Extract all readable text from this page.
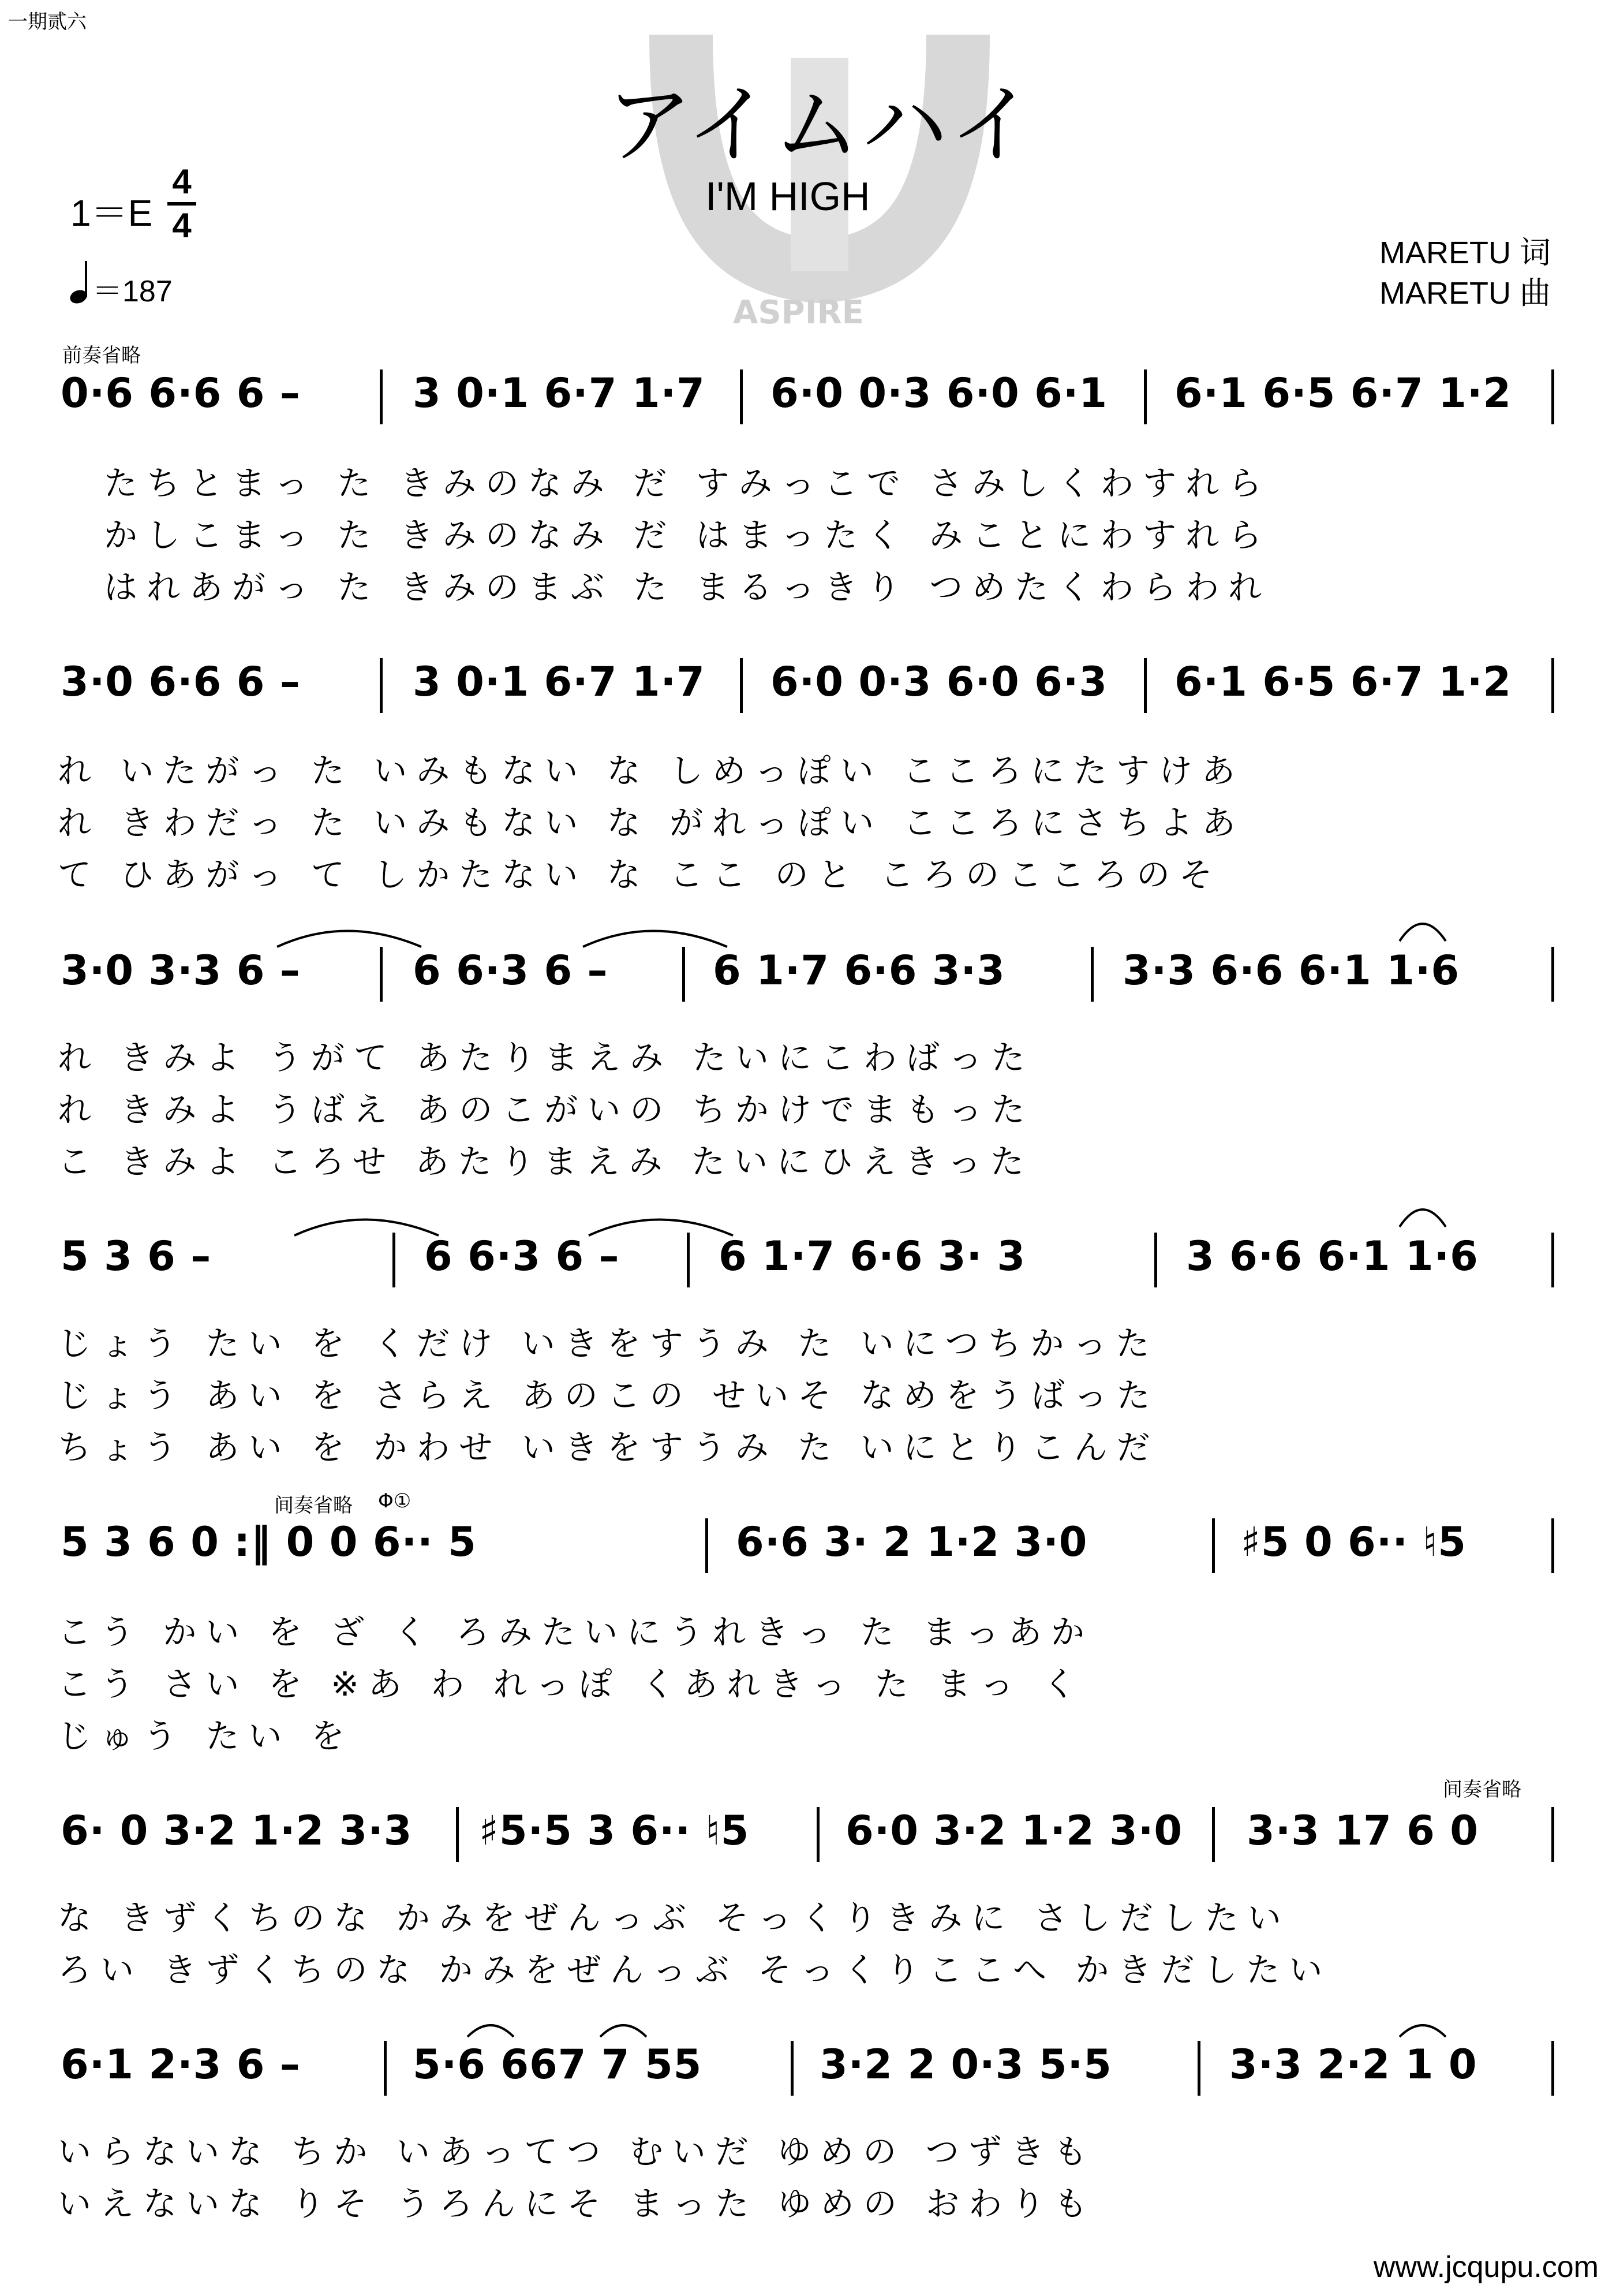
一期贰六
ASPIRE
アイムハイ
I'M HIGH
1＝E
4
4
＝187
MARETU 词
MARETU 曲
前奏省略
间奏省略 Φ①
间奏省略
0·6 6·6 6 –	3 0·1 6·7 1·7 6·0 0·3 6·0 6·1 6·1 6·5 6·7 1·2
たちとまっ た きみのなみ だ すみっこで さみしくわすれら
かしこまっ た きみのなみ だ はまったく みことにわすれら
はれあがっ た きみのまぶ た まるっきり つめたくわらわれ
3·0 6·6 6 –	3 0·1 6·7 1·7 6·0 0·3 6·0 6·3 6·1 6·5 6·7 1·2
れ いたがっ た いみもない な しめっぽい こころにたすけあ
れ きわだっ た いみもない な がれっぽい こころにさちよあ
て ひあがっ て しかたない な ここ のと ころのこころのそ
3·0 3·3 6 –	6 6·3 6 –	6 1·7 6·6 3·3	3·3 6·6 6·1 1·6
れ きみよ うがて あたりまえみ たいにこわばった
れ きみよ うばえ あのこがいの ちかけでまもった
こ きみよ ころせ あたりまえみ たいにひえきった
5 3 6 –	6 6·3 6 – 6 1·7 6·6 3· 3	3 6·6 6·1 1·6
じょう たい を くだけ いきをすうみ た いにつちかった
じょう あい を さらえ あのこの せいそ なめをうばった
ちょう あい を かわせ いきをすうみ た いにとりこんだ
5 3 6 0 :‖ 0 0 6·· 5	6·6 3· 2 1·2 3·0	♯5 0 6·· ♮5
こう かい を ざ く ろみたいにうれきっ た まっあか
こう さい を ※あ わ れっぽ くあれきっ た まっ く
じゅう たい を
6· 0 3·2 1·2 3·3 ♯5·5 3 6·· ♮5 6·0 3·2 1·2 3·0 3·3 17 6 0
な きずくちのな かみをぜんっぶ そっくりきみに さしだしたい
ろい きずくちのな かみをぜんっぶ そっくりここへ かきだしたい
6·1 2·3 6 –	5·6 667 7 55	3·2 2 0·3 5·5	3·3 2·2 1 0
いらないな ちか いあってつ むいだ ゆめの つずきも
いえないな りそ うろんにそ まった ゆめの おわりも
www.jcqupu.com
